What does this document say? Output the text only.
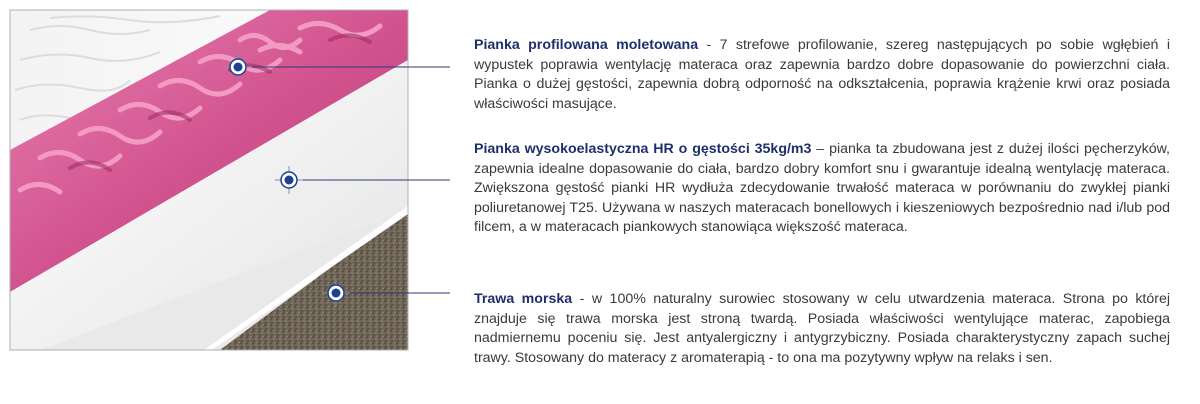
Pianka profilowana moletowana - 7 strefowe profilowanie, szereg następujących po sobie wgłębień i wypustek poprawia wentylację materaca oraz zapewnia bardzo dobre dopasowanie do powierzchni ciała. Pianka o dużej gęstości, zapewnia dobrą odporność na odkształcenia, poprawia krążenie krwi oraz posiada właściwości masujące.

Pianka wysokoelastyczna HR o gęstości 35kg/m3 – pianka ta zbudowana jest z dużej ilości pęcherzyków, zapewnia idealne dopasowanie do ciała, bardzo dobry komfort snu i gwarantuje idealną wentylację materaca. Zwiększona gęstość pianki HR wydłuża zdecydowanie trwałość materaca w porównaniu do zwykłej pianki poliuretanowej T25. Używana w naszych materacach bonellowych i kieszeniowych bezpośrednio nad i/lub pod filcem, a w materacach piankowych stanowiąca większość materaca.

Trawa morska - w 100% naturalny surowiec stosowany w celu utwardzenia materaca. Strona po której znajduje się trawa morska jest stroną twardą. Posiada właściwości wentylujące materac, zapobiega nadmiernemu poceniu się. Jest antyalergiczny i antygrzybiczny. Posiada charakterystyczny zapach suchej trawy. Stosowany do materacy z aromaterapią - to ona ma pozytywny wpływ na relaks i sen.
